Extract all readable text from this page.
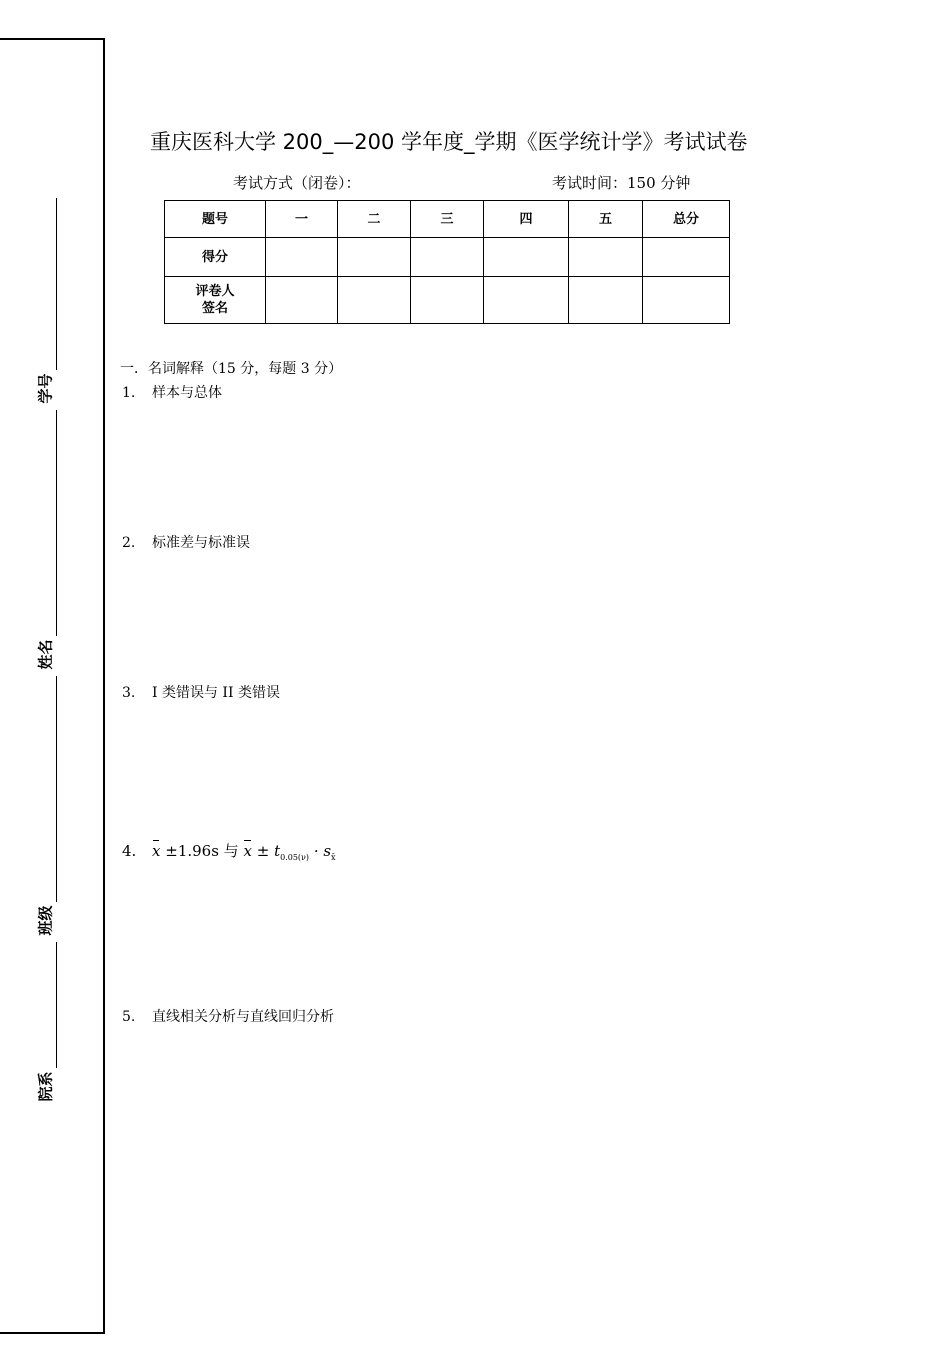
学号
姓名
班级
院系
重庆医科大学 200_—200 学年度_学期《医学统计学》考试试卷
考试方式（闭卷）：	考试时间：150 分钟
题号	一	二	三	四	五	总分
得分						

评卷人
签名						

一．名词解释（15 分，每题 3 分）
1. 样本与总体
2. 标准差与标准误
3. I 类错误与 II 类错误
4. x ±1.96s 与 $x \pm t_{0.05(\nu)} \cdot s_{x̄}$
5. 直线相关分析与直线回归分析
